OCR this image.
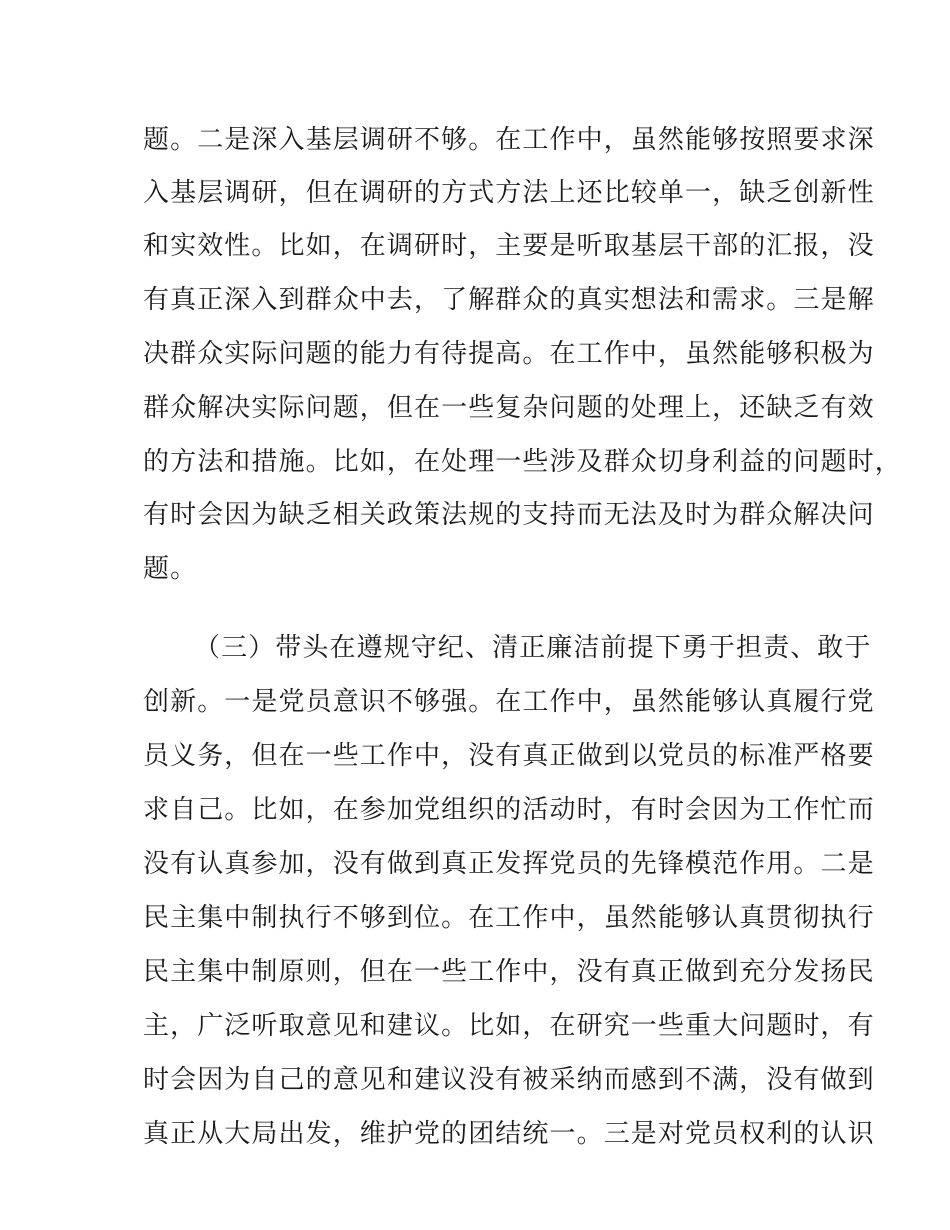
题。二是深入基层调研不够。在工作中，虽然能够按照要求深
入基层调研，但在调研的方式方法上还比较单一，缺乏创新性
和实效性。比如，在调研时，主要是听取基层干部的汇报，没
有真正深入到群众中去，了解群众的真实想法和需求。三是解
决群众实际问题的能力有待提高。在工作中，虽然能够积极为
群众解决实际问题，但在一些复杂问题的处理上，还缺乏有效
的方法和措施。比如，在处理一些涉及群众切身利益的问题时，
有时会因为缺乏相关政策法规的支持而无法及时为群众解决问
题。
（三）带头在遵规守纪、清正廉洁前提下勇于担责、敢于
创新。一是党员意识不够强。在工作中，虽然能够认真履行党
员义务，但在一些工作中，没有真正做到以党员的标准严格要
求自己。比如，在参加党组织的活动时，有时会因为工作忙而
没有认真参加，没有做到真正发挥党员的先锋模范作用。二是
民主集中制执行不够到位。在工作中，虽然能够认真贯彻执行
民主集中制原则，但在一些工作中，没有真正做到充分发扬民
主，广泛听取意见和建议。比如，在研究一些重大问题时，有
时会因为自己的意见和建议没有被采纳而感到不满，没有做到
真正从大局出发，维护党的团结统一。三是对党员权利的认识
